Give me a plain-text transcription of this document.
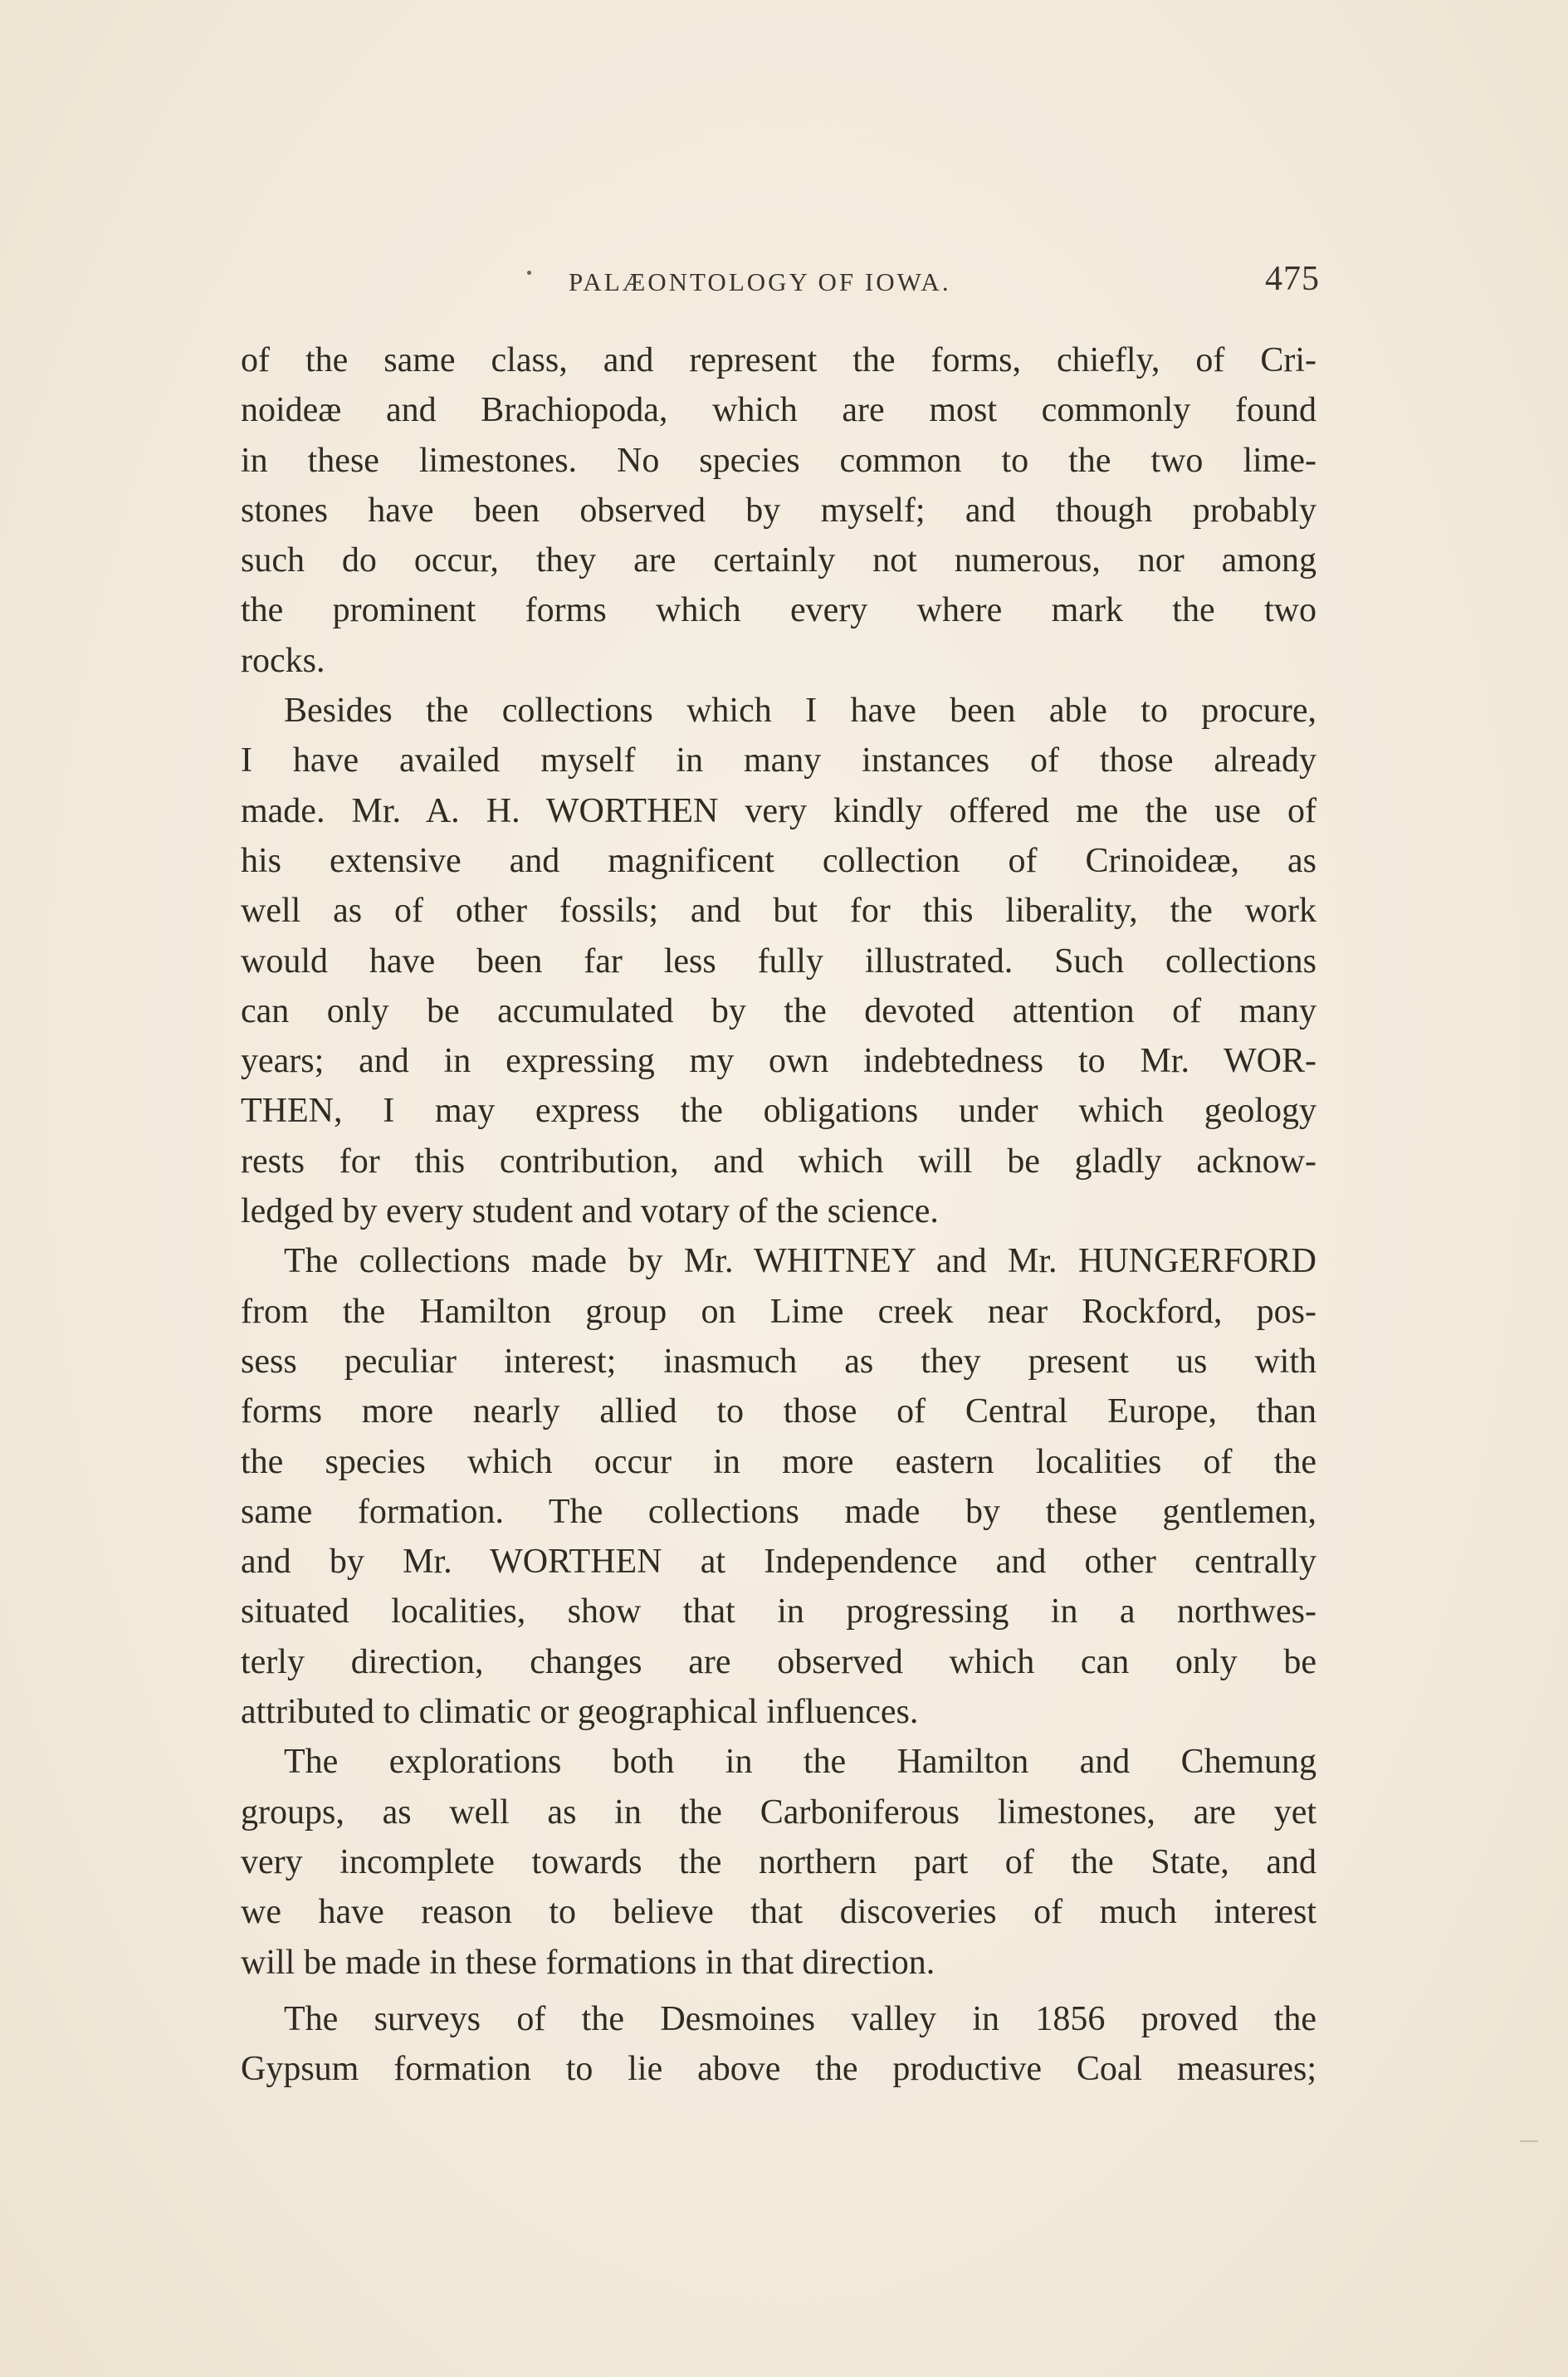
PALÆONTOLOGY OF IOWA.	475
of the same class, and represent the forms, chiefly, of Cri-
noideæ and Brachiopoda, which are most commonly found
in these limestones. No species common to the two lime-
stones have been observed by myself; and though probably
such do occur, they are certainly not numerous, nor among
the prominent forms which every where mark the two
rocks.
Besides the collections which I have been able to procure,
I have availed myself in many instances of those already
made. Mr. A. H. WORTHEN very kindly offered me the use of
his extensive and magnificent collection of Crinoideæ, as
well as of other fossils; and but for this liberality, the work
would have been far less fully illustrated. Such collections
can only be accumulated by the devoted attention of many
years; and in expressing my own indebtedness to Mr. WOR-
THEN, I may express the obligations under which geology
rests for this contribution, and which will be gladly acknow-
ledged by every student and votary of the science.
The collections made by Mr. WHITNEY and Mr. HUNGERFORD
from the Hamilton group on Lime creek near Rockford, pos-
sess peculiar interest; inasmuch as they present us with
forms more nearly allied to those of Central Europe, than
the species which occur in more eastern localities of the
same formation. The collections made by these gentlemen,
and by Mr. WORTHEN at Independence and other centrally
situated localities, show that in progressing in a northwes-
terly direction, changes are observed which can only be
attributed to climatic or geographical influences.
The explorations both in the Hamilton and Chemung
groups, as well as in the Carboniferous limestones, are yet
very incomplete towards the northern part of the State, and
we have reason to believe that discoveries of much interest
will be made in these formations in that direction.
The surveys of the Desmoines valley in 1856 proved the
Gypsum formation to lie above the productive Coal measures;
